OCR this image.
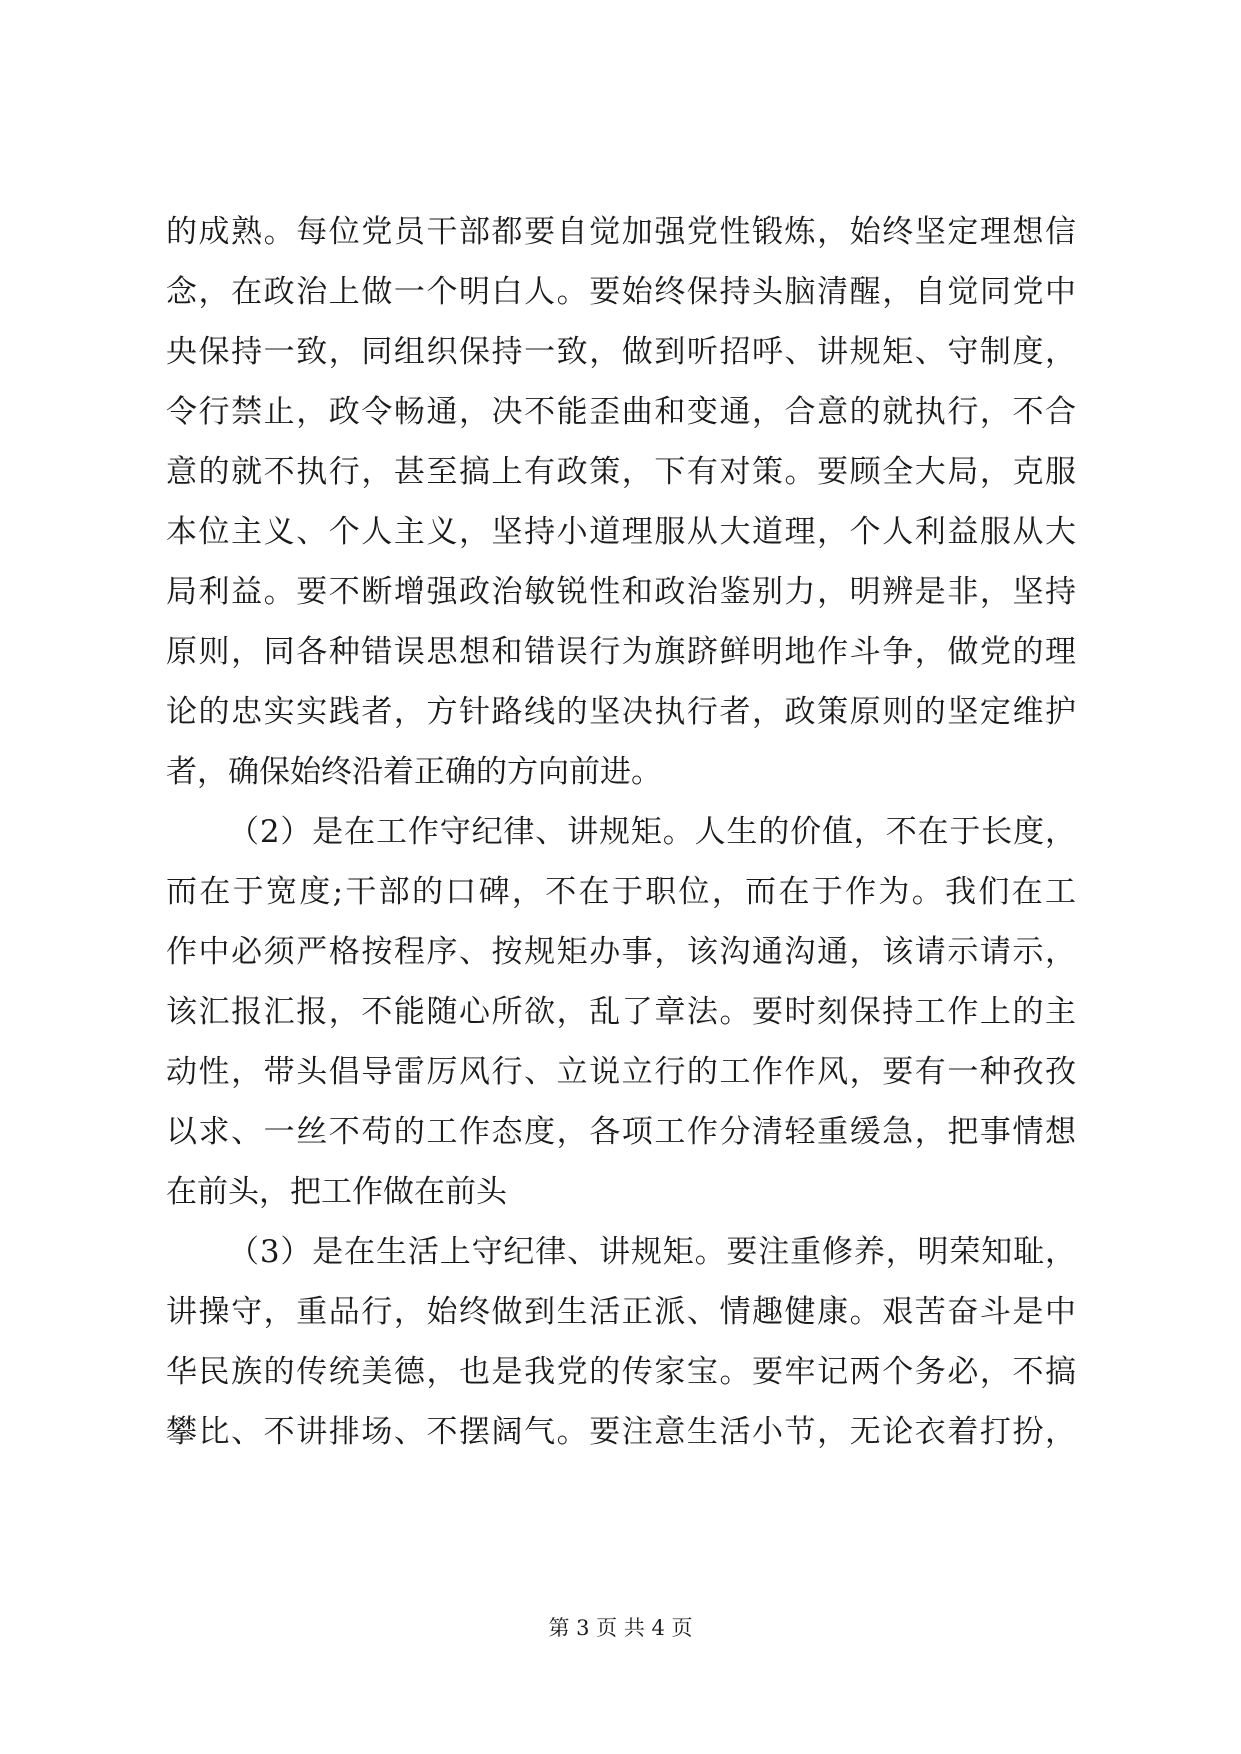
的成熟。每位党员干部都要自觉加强党性锻炼，始终坚定理想信
念，在政治上做一个明白人。要始终保持头脑清醒，自觉同党中
央保持一致，同组织保持一致，做到听招呼、讲规矩、守制度，
令行禁止，政令畅通，决不能歪曲和变通，合意的就执行，不合
意的就不执行，甚至搞上有政策，下有对策。要顾全大局，克服
本位主义、个人主义，坚持小道理服从大道理，个人利益服从大
局利益。要不断增强政治敏锐性和政治鉴别力，明辨是非，坚持
原则，同各种错误思想和错误行为旗跻鲜明地作斗争，做党的理
论的忠实实践者，方针路线的坚决执行者，政策原则的坚定维护
者，确保始终沿着正确的方向前进。
（2）是在工作守纪律、讲规矩。人生的价值，不在于长度，
而在于宽度;干部的口碑，不在于职位，而在于作为。我们在工
作中必须严格按程序、按规矩办事，该沟通沟通，该请示请示，
该汇报汇报，不能随心所欲，乱了章法。要时刻保持工作上的主
动性，带头倡导雷厉风行、立说立行的工作作风，要有一种孜孜
以求、一丝不苟的工作态度，各项工作分清轻重缓急，把事情想
在前头，把工作做在前头
（3）是在生活上守纪律、讲规矩。要注重修养，明荣知耻，
讲操守，重品行，始终做到生活正派、情趣健康。艰苦奋斗是中
华民族的传统美德，也是我党的传家宝。要牢记两个务必，不搞
攀比、不讲排场、不摆阔气。要注意生活小节，无论衣着打扮，
第 3 页 共 4 页
